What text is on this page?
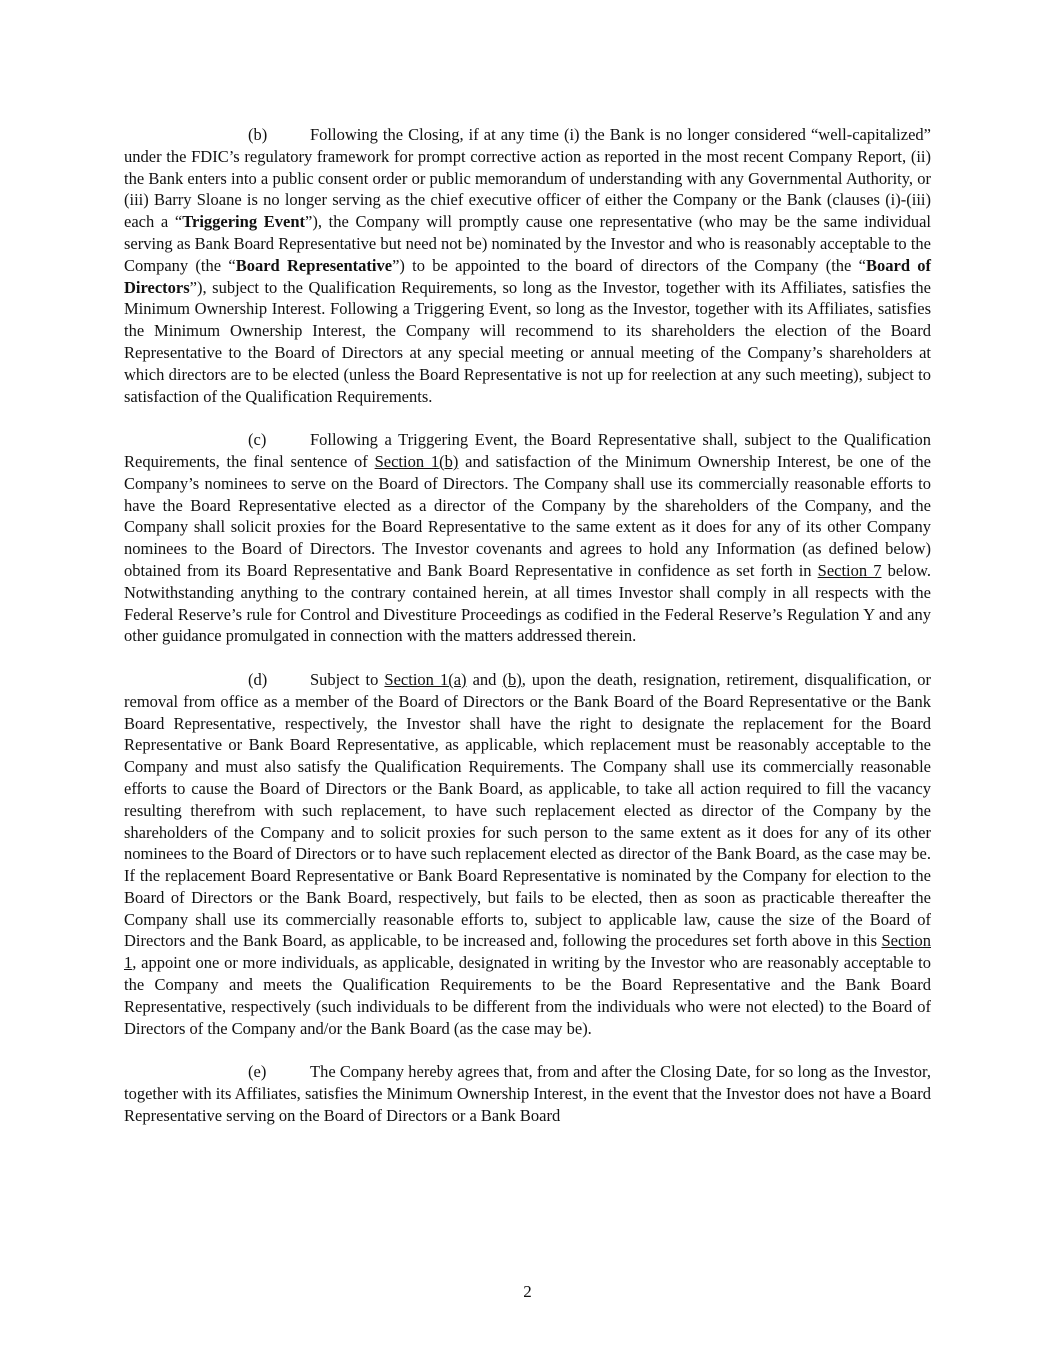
(b)	Following the Closing, if at any time (i) the Bank is no longer considered “well-capitalized” under the FDIC’s regulatory framework for prompt corrective action as reported in the most recent Company Report, (ii) the Bank enters into a public consent order or public memorandum of understanding with any Governmental Authority, or (iii) Barry Sloane is no longer serving as the chief executive officer of either the Company or the Bank (clauses (i)-(iii) each a “Triggering Event”), the Company will promptly cause one representative (who may be the same individual serving as Bank Board Representative but need not be) nominated by the Investor and who is reasonably acceptable to the Company (the “Board Representative”) to be appointed to the board of directors of the Company (the “Board of Directors”), subject to the Qualification Requirements, so long as the Investor, together with its Affiliates, satisfies the Minimum Ownership Interest. Following a Triggering Event, so long as the Investor, together with its Affiliates, satisfies the Minimum Ownership Interest, the Company will recommend to its shareholders the election of the Board Representative to the Board of Directors at any special meeting or annual meeting of the Company’s shareholders at which directors are to be elected (unless the Board Representative is not up for reelection at any such meeting), subject to satisfaction of the Qualification Requirements.

(c)	Following a Triggering Event, the Board Representative shall, subject to the Qualification Requirements, the final sentence of Section 1(b) and satisfaction of the Minimum Ownership Interest, be one of the Company’s nominees to serve on the Board of Directors. The Company shall use its commercially reasonable efforts to have the Board Representative elected as a director of the Company by the shareholders of the Company, and the Company shall solicit proxies for the Board Representative to the same extent as it does for any of its other Company nominees to the Board of Directors. The Investor covenants and agrees to hold any Information (as defined below) obtained from its Board Representative and Bank Board Representative in confidence as set forth in Section 7 below. Notwithstanding anything to the contrary contained herein, at all times Investor shall comply in all respects with the Federal Reserve’s rule for Control and Divestiture Proceedings as codified in the Federal Reserve’s Regulation Y and any other guidance promulgated in connection with the matters addressed therein.

(d)	Subject to Section 1(a) and (b), upon the death, resignation, retirement, disqualification, or removal from office as a member of the Board of Directors or the Bank Board of the Board Representative or the Bank Board Representative, respectively, the Investor shall have the right to designate the replacement for the Board Representative or Bank Board Representative, as applicable, which replacement must be reasonably acceptable to the Company and must also satisfy the Qualification Requirements. The Company shall use its commercially reasonable efforts to cause the Board of Directors or the Bank Board, as applicable, to take all action required to fill the vacancy resulting therefrom with such replacement, to have such replacement elected as director of the Company by the shareholders of the Company and to solicit proxies for such person to the same extent as it does for any of its other nominees to the Board of Directors or to have such replacement elected as director of the Bank Board, as the case may be. If the replacement Board Representative or Bank Board Representative is nominated by the Company for election to the Board of Directors or the Bank Board, respectively, but fails to be elected, then as soon as practicable thereafter the Company shall use its commercially reasonable efforts to, subject to applicable law, cause the size of the Board of Directors and the Bank Board, as applicable, to be increased and, following the procedures set forth above in this Section 1, appoint one or more individuals, as applicable, designated in writing by the Investor who are reasonably acceptable to the Company and meets the Qualification Requirements to be the Board Representative and the Bank Board Representative, respectively (such individuals to be different from the individuals who were not elected) to the Board of Directors of the Company and/or the Bank Board (as the case may be).

(e)	The Company hereby agrees that, from and after the Closing Date, for so long as the Investor, together with its Affiliates, satisfies the Minimum Ownership Interest, in the event that the Investor does not have a Board Representative serving on the Board of Directors or a Bank Board

2
